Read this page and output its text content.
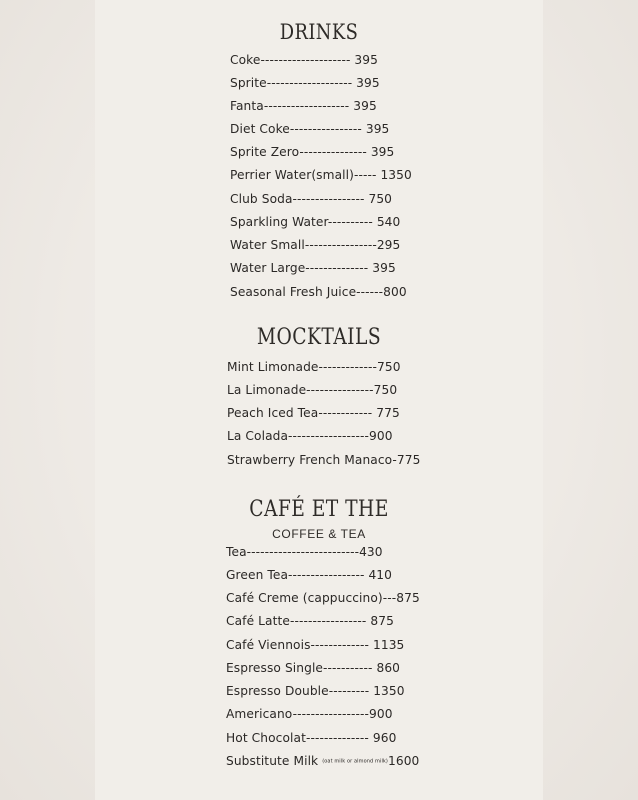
DRINKS
Coke-------------------- 395
Sprite------------------- 395
Fanta------------------- 395
Diet Coke---------------- 395
Sprite Zero--------------- 395
Perrier Water(small)----- 1350
Club Soda---------------- 750
Sparkling Water---------- 540
Water Small----------------295
Water Large-------------- 395
Seasonal Fresh Juice------800
MOCKTAILS
Mint Limonade-------------750
La Limonade---------------750
Peach Iced Tea------------ 775
La Colada------------------900
Strawberry French Manaco-775
CAFÉ ET THE
COFFEE & TEA
Tea-------------------------430
Green Tea----------------- 410
Café Creme (cappuccino)---875
Café Latte----------------- 875
Café Viennois------------- 1135
Espresso Single----------- 860
Espresso Double--------- 1350
Americano-----------------900
Hot Chocolat-------------- 960
Substitute Milk (oat milk or almond milk)1600
